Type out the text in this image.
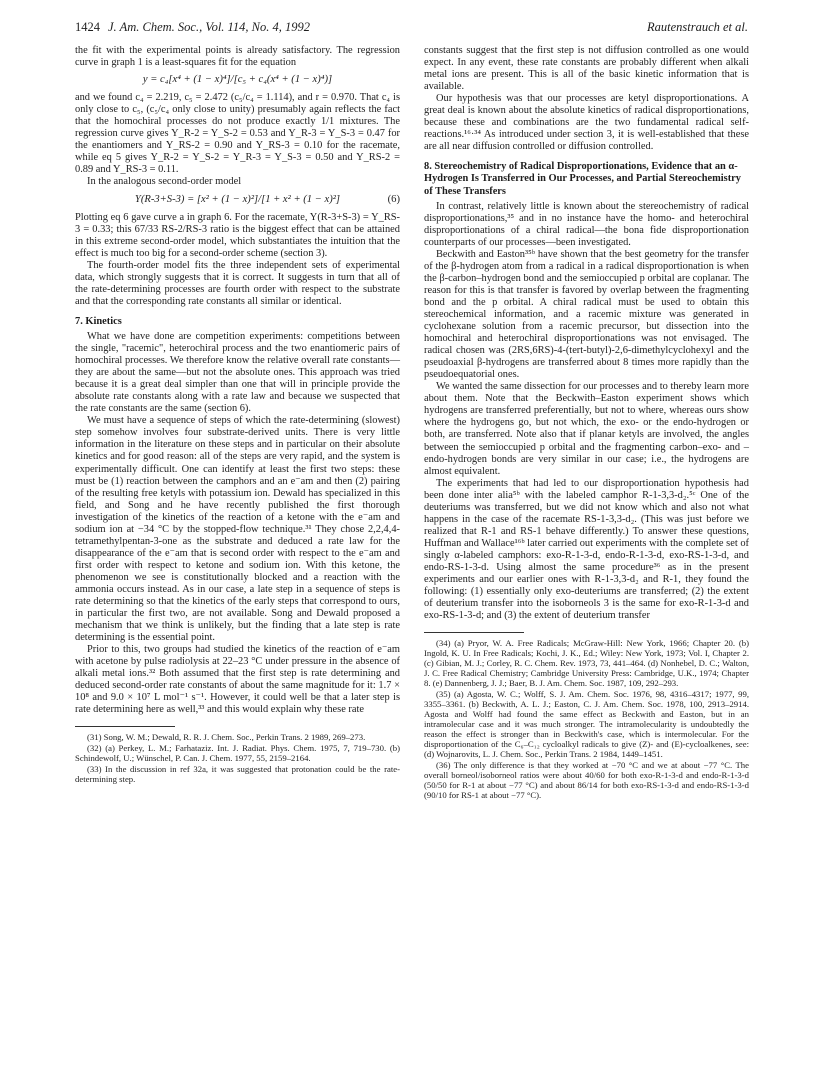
1424 J. Am. Chem. Soc., Vol. 114, No. 4, 1992	Rautenstrauch et al.

the fit with the experimental points is already satisfactory. The regression curve in graph 1 is a least-squares fit for the equation

y = c₄[x⁴ + (1 − x)⁴]/[c₅ + c₄(x⁴ + (1 − x)⁴)]

and we found c₄ = 2.219, c₅ = 2.472 (c₅/c₄ = 1.114), and r = 0.970. That c₄ is only close to c₅, (c₅/c₄ only close to unity) presumably again reflects the fact that the homochiral processes do not produce exactly 1/1 mixtures. The regression curve gives Y_R-2 = Y_S-2 = 0.53 and Y_R-3 = Y_S-3 = 0.47 for the enantiomers and Y_RS-2 = 0.90 and Y_RS-3 = 0.10 for the racemate, while eq 5 gives Y_R-2 = Y_S-2 = Y_R-3 = Y_S-3 = 0.50 and Y_RS-2 = 0.89 and Y_RS-3 = 0.11.

In the analogous second-order model

Y(R-3+S-3) = [x² + (1 − x)²]/[1 + x² + (1 − x)²]	(6)

Plotting eq 6 gave curve a in graph 6. For the racemate, Y(R-3+S-3) = Y_RS-3 = 0.33; this 67/33 RS-2/RS-3 ratio is the biggest effect that can be attained in this extreme second-order model, which substantiates the intuition that the effect is much too big for a second-order scheme (section 3).

The fourth-order model fits the three independent sets of experimental data, which strongly suggests that it is correct. It suggests in turn that all of the rate-determining processes are fourth order with respect to the substrate and that the corresponding rate constants all similar or identical.

7. Kinetics

What we have done are competition experiments: competitions between the single, "racemic", heterochiral process and the two enantiomeric pairs of homochiral processes. We therefore know the relative overall rate constants—they are about the same—but not the absolute ones. This approach was tried because it is a great deal simpler than one that will in principle provide the absolute rate constants along with a rate law and because we suspected that the rate constants are the same (section 6).

We must have a sequence of steps of which the rate-determining (slowest) step somehow involves four substrate-derived units. There is very little information in the literature on these steps and in particular on their absolute kinetics and for good reason: all of the steps are very rapid, and the system is experimentally difficult. One can identify at least the first two steps: these must be (1) reaction between the camphors and an e⁻am and then (2) pairing of the resulting free ketyls with potassium ion. Dewald has specialized in this field, and Song and he have recently published the first thorough investigation of the kinetics of the reaction of a ketone with the e⁻am and sodium ion at −34 °C by the stopped-flow technique.³¹ They chose 2,2,4,4-tetramethylpentan-3-one as the substrate and deduced a rate law for the disappearance of the e⁻am that is second order with respect to the e⁻am and first order with respect to ketone and sodium ion. With this ketone, the phenomenon we see is constitutionally blocked and a reaction with the ammonia occurs instead. As in our case, a late step in a sequence of steps is rate determining so that the kinetics of the early steps that correspond to ours, in particular the first two, are not available. Song and Dewald proposed a mechanism that we think is unlikely, but the finding that a late step is rate determining is the essential point.

Prior to this, two groups had studied the kinetics of the reaction of e⁻am with acetone by pulse radiolysis at 22–23 °C under pressure in the absence of alkali metal ions.³² Both assumed that the first step is rate determining and deduced second-order rate constants of about the same magnitude for it: 1.7 × 10⁸ and 9.0 × 10⁷ L mol⁻¹ s⁻¹. However, it could well be that a later step is rate determining here as well,³³ and this would explain why these rate

(31) Song, W. M.; Dewald, R. R. J. Chem. Soc., Perkin Trans. 2 1989, 269–273.

(32) (a) Perkey, L. M.; Farhataziz. Int. J. Radiat. Phys. Chem. 1975, 7, 719–730. (b) Schindewolf, U.; Wünschel, P. Can. J. Chem. 1977, 55, 2159–2164.

(33) In the discussion in ref 32a, it was suggested that protonation could be the rate-determining step.

constants suggest that the first step is not diffusion controlled as one would expect. In any event, these rate constants are probably different when alkali metal ions are present. This is all of the basic kinetic information that is available.

Our hypothesis was that our processes are ketyl disproportionations. A great deal is known about the absolute kinetics of radical disproportionations, because these and combinations are the two fundamental radical self-reactions.¹⁶·³⁴ As introduced under section 3, it is well-established that these are all near diffusion controlled or diffusion controlled.

8. Stereochemistry of Radical Disproportionations, Evidence that an α-Hydrogen Is Transferred in Our Processes, and Partial Stereochemistry of These Transfers

In contrast, relatively little is known about the stereochemistry of radical disproportionations,³⁵ and in no instance have the homo- and heterochiral disproportionations of a chiral radical—the bona fide disproportionation counterparts of our processes—been investigated.

Beckwith and Easton³⁵ᵇ have shown that the best geometry for the transfer of the β-hydrogen atom from a radical in a radical disproportionation is when the β-carbon–hydrogen bond and the semioccupied p orbital are coplanar. The reason for this is that transfer is favored by overlap between the fragmenting bond and the p orbital. A chiral radical must be used to obtain this stereochemical information, and a racemic mixture was generated in cyclohexane solution from a racemic precursor, but dissection into the homochiral and heterochiral disproportionations was not envisaged. The radical chosen was (2RS,6RS)-4-(tert-butyl)-2,6-dimethylcyclohexyl and the pseudoaxial β-hydrogens are transferred about 8 times more rapidly than the pseudoequatorial ones.

We wanted the same dissection for our processes and to thereby learn more about them. Note that the Beckwith–Easton experiment shows which hydrogens are transferred preferentially, but not to where, whereas ours show where the hydrogens go, but not which, the exo- or the endo-hydrogen or both, are transferred. Note also that if planar ketyls are involved, the angles between the semioccupied p orbital and the fragmenting carbon–exo- and –endo-hydrogen bonds are very similar in our case; i.e., the hydrogens are almost equivalent.

The experiments that had led to our disproportionation hypothesis had been done inter alia⁵ᵇ with the labeled camphor R-1-3,3-d₂.⁵ᶜ One of the deuteriums was transferred, but we did not know which and also not what happens in the case of the racemate RS-1-3,3-d₂. (This was just before we realized that R-1 and RS-1 behave differently.) To answer these questions, Huffman and Wallace¹⁶ᵇ later carried out experiments with the complete set of singly α-labeled camphors: exo-R-1-3-d, endo-R-1-3-d, exo-RS-1-3-d, and endo-RS-1-3-d. Using almost the same procedure³⁶ as in the present experiments and our earlier ones with R-1-3,3-d₂ and R-1, they found the following: (1) essentially only exo-deuteriums are transferred; (2) the extent of deuterium transfer into the isoborneols 3 is the same for exo-R-1-3-d and exo-RS-1-3-d; and (3) the extent of deuterium transfer

(34) (a) Pryor, W. A. Free Radicals; McGraw-Hill: New York, 1966; Chapter 20. (b) Ingold, K. U. In Free Radicals; Kochi, J. K., Ed.; Wiley: New York, 1973; Vol. I, Chapter 2. (c) Gibian, M. J.; Corley, R. C. Chem. Rev. 1973, 73, 441–464. (d) Nonhebel, D. C.; Walton, J. C. Free Radical Chemistry; Cambridge University Press: Cambridge, U.K., 1974; Chapter 8. (e) Dannenberg, J. J.; Baer, B. J. Am. Chem. Soc. 1987, 109, 292–293.

(35) (a) Agosta, W. C.; Wolff, S. J. Am. Chem. Soc. 1976, 98, 4316–4317; 1977, 99, 3355–3361. (b) Beckwith, A. L. J.; Easton, C. J. Am. Chem. Soc. 1978, 100, 2913–2914. Agosta and Wolff had found the same effect as Beckwith and Easton, but in an intramolecular case and it was much stronger. The intramolecularity is undoubtedly the reason the effect is stronger than in Beckwith's case, which is intermolecular. For the disproportionation of the C₆–C₁₂ cycloalkyl radicals to give (Z)- and (E)-cycloalkenes, see: (d) Wojnarovits, L. J. Chem. Soc., Perkin Trans. 2 1984, 1449–1451.

(36) The only difference is that they worked at −70 °C and we at about −77 °C. The overall borneol/isoborneol ratios were about 40/60 for both exo-R-1-3-d and endo-R-1-3-d (50/50 for R-1 at about −77 °C) and about 86/14 for both exo-RS-1-3-d and endo-RS-1-3-d (90/10 for RS-1 at about −77 °C).
